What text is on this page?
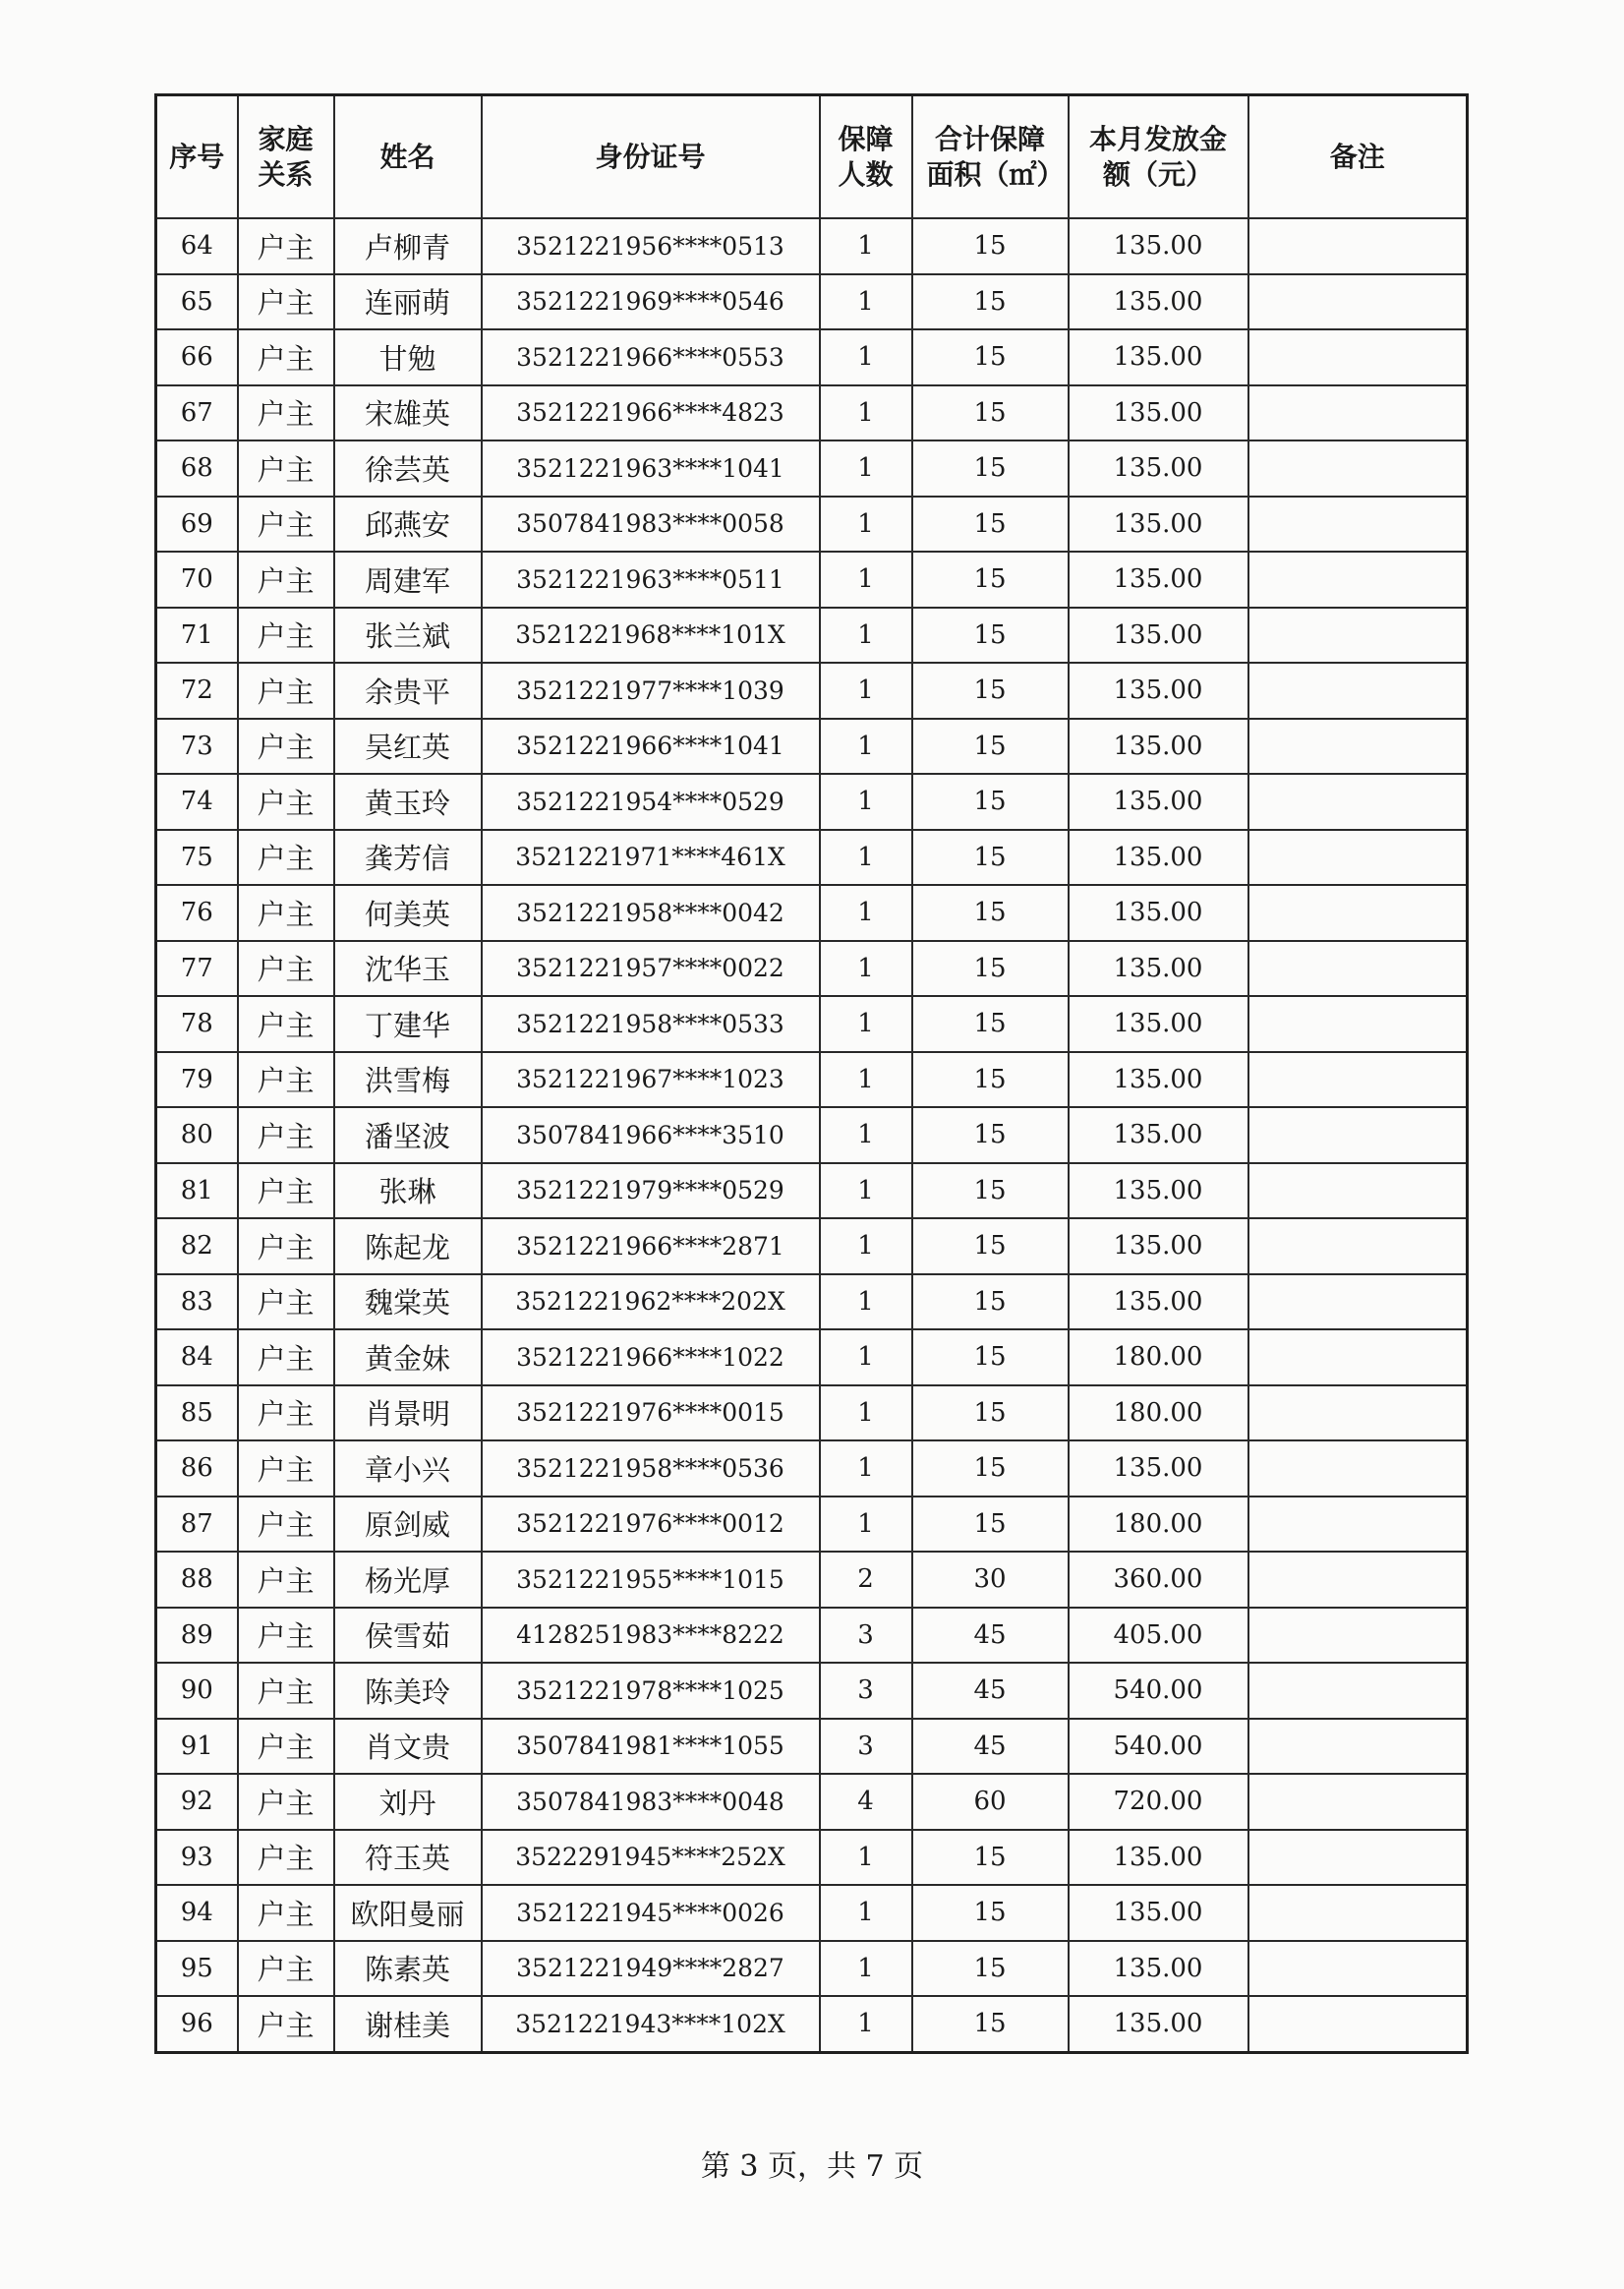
序号	家庭关系	姓名	身份证号	保障人数	合计保障面积（㎡）	本月发放金额（元）	备注
64	户主	卢柳青	3521221956****0513	1	15	135.00	
65	户主	连丽萌	3521221969****0546	1	15	135.00	
66	户主	甘勉	3521221966****0553	1	15	135.00	
67	户主	宋雄英	3521221966****4823	1	15	135.00	
68	户主	徐芸英	3521221963****1041	1	15	135.00	
69	户主	邱燕安	3507841983****0058	1	15	135.00	
70	户主	周建军	3521221963****0511	1	15	135.00	
71	户主	张兰斌	3521221968****101X	1	15	135.00	
72	户主	余贵平	3521221977****1039	1	15	135.00	
73	户主	吴红英	3521221966****1041	1	15	135.00	
74	户主	黄玉玲	3521221954****0529	1	15	135.00	
75	户主	龚芳信	3521221971****461X	1	15	135.00	
76	户主	何美英	3521221958****0042	1	15	135.00	
77	户主	沈华玉	3521221957****0022	1	15	135.00	
78	户主	丁建华	3521221958****0533	1	15	135.00	
79	户主	洪雪梅	3521221967****1023	1	15	135.00	
80	户主	潘坚波	3507841966****3510	1	15	135.00	
81	户主	张琳	3521221979****0529	1	15	135.00	
82	户主	陈起龙	3521221966****2871	1	15	135.00	
83	户主	魏棠英	3521221962****202X	1	15	135.00	
84	户主	黄金妹	3521221966****1022	1	15	180.00	
85	户主	肖景明	3521221976****0015	1	15	180.00	
86	户主	章小兴	3521221958****0536	1	15	135.00	
87	户主	原剑威	3521221976****0012	1	15	180.00	
88	户主	杨光厚	3521221955****1015	2	30	360.00	
89	户主	侯雪茹	4128251983****8222	3	45	405.00	
90	户主	陈美玲	3521221978****1025	3	45	540.00	
91	户主	肖文贵	3507841981****1055	3	45	540.00	
92	户主	刘丹	3507841983****0048	4	60	720.00	
93	户主	符玉英	3522291945****252X	1	15	135.00	
94	户主	欧阳曼丽	3521221945****0026	1	15	135.00	
95	户主	陈素英	3521221949****2827	1	15	135.00	
96	户主	谢桂美	3521221943****102X	1	15	135.00	
第 3 页，共 7 页
